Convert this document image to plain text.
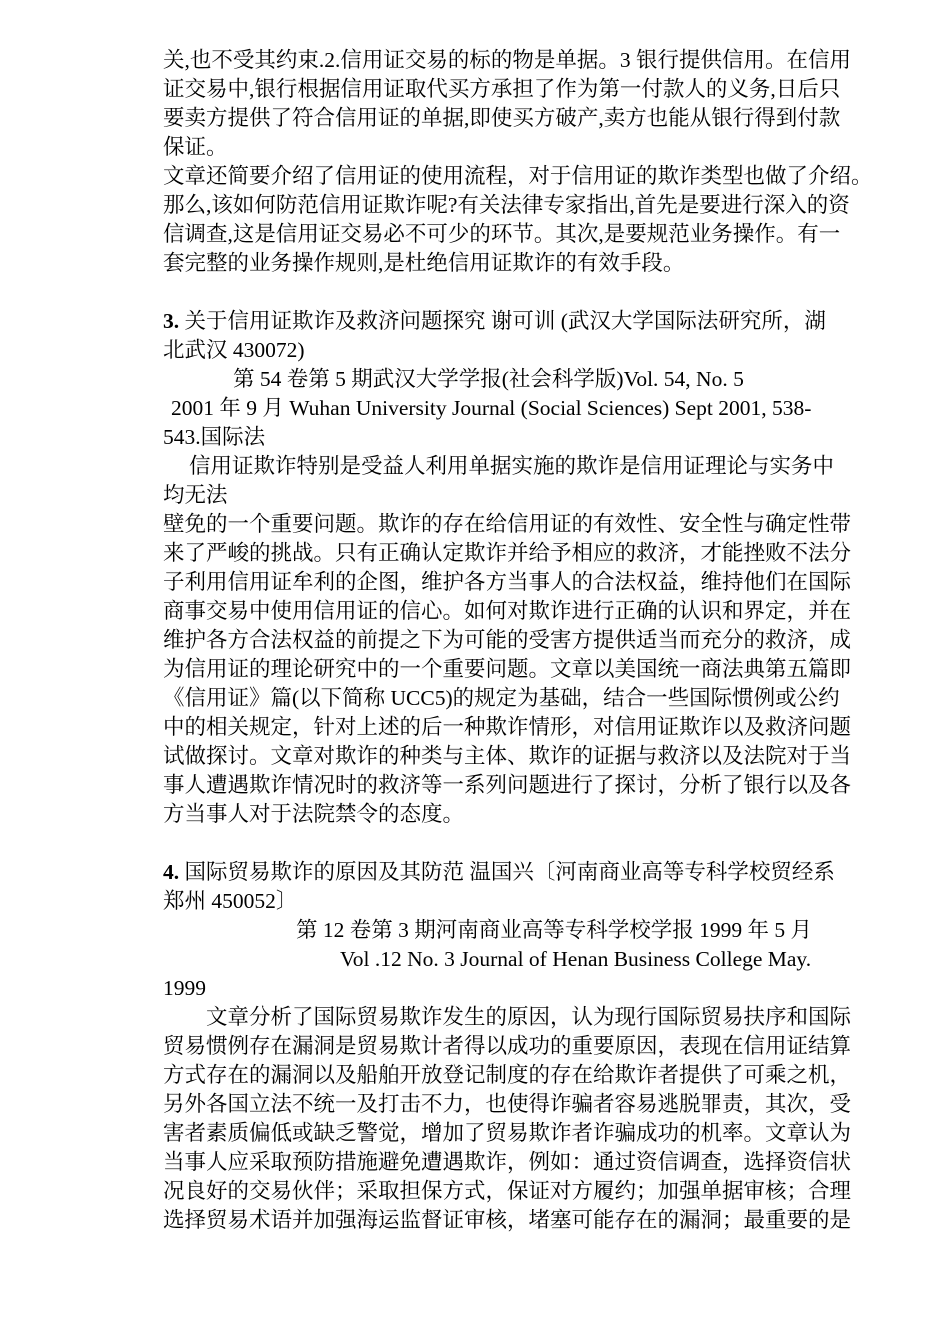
关,也不受其约束.2.信用证交易的标的物是单据。3 银行提供信用。在信用
证交易中,银行根据信用证取代买方承担了作为第一付款人的义务,日后只
要卖方提供了符合信用证的单据,即使买方破产,卖方也能从银行得到付款
保证。
文章还简要介绍了信用证的使用流程，对于信用证的欺诈类型也做了介绍。
那么,该如何防范信用证欺诈呢?有关法律专家指出,首先是要进行深入的资
信调查,这是信用证交易必不可少的环节。其次,是要规范业务操作。有一
套完整的业务操作规则,是杜绝信用证欺诈的有效手段。
3. 关于信用证欺诈及救济问题探究 谢可训 (武汉大学国际法研究所，湖
北武汉 430072)
第 54 卷第 5 期武汉大学学报(社会科学版)Vol. 54, No. 5
2001 年 9 月 Wuhan University Journal (Social Sciences) Sept 2001, 538-
543.国际法
信用证欺诈特别是受益人利用单据实施的欺诈是信用证理论与实务中
均无法
壁免的一个重要问题。欺诈的存在给信用证的有效性、安全性与确定性带
来了严峻的挑战。只有正确认定欺诈并给予相应的救济，才能挫败不法分
子利用信用证牟利的企图，维护各方当事人的合法权益，维持他们在国际
商事交易中使用信用证的信心。如何对欺诈进行正确的认识和界定，并在
维护各方合法权益的前提之下为可能的受害方提供适当而充分的救济，成
为信用证的理论研究中的一个重要问题。文章以美国统一商法典第五篇即
《信用证》篇(以下简称 UCC5)的规定为基础，结合一些国际惯例或公约
中的相关规定，针对上述的后一种欺诈情形，对信用证欺诈以及救济问题
试做探讨。文章对欺诈的种类与主体、欺诈的证据与救济以及法院对于当
事人遭遇欺诈情况时的救济等一系列问题进行了探讨，分析了银行以及各
方当事人对于法院禁令的态度。
4. 国际贸易欺诈的原因及其防范 温国兴〔河南商业高等专科学校贸经系
郑州 450052〕
第 12 卷第 3 期河南商业高等专科学校学报 1999 年 5 月
Vol .12 No. 3 Journal of Henan Business College May.
1999
文章分析了国际贸易欺诈发生的原因，认为现行国际贸易扶序和国际
贸易惯例存在漏洞是贸易欺计者得以成功的重要原因，表现在信用证结算
方式存在的漏洞以及船舶开放登记制度的存在给欺诈者提供了可乘之机，
另外各国立法不统一及打击不力，也使得诈骗者容易逃脱罪责，其次，受
害者素质偏低或缺乏警觉，增加了贸易欺诈者诈骗成功的机率。文章认为
当事人应采取预防措施避免遭遇欺诈，例如：通过资信调查，选择资信状
况良好的交易伙伴；采取担保方式，保证对方履约；加强单据审核；合理
选择贸易术语并加强海运监督证审核，堵塞可能存在的漏洞；最重要的是
